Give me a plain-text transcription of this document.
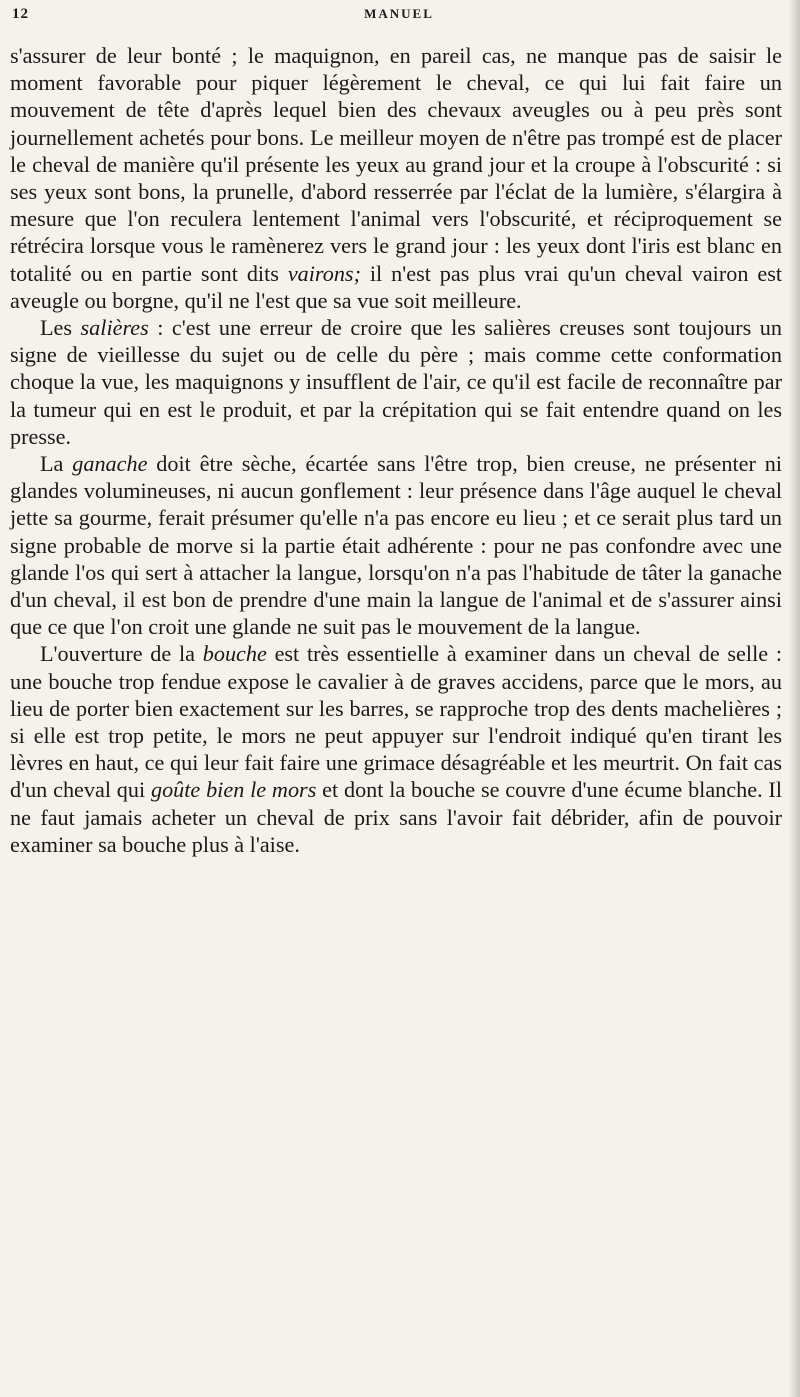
12	MANUEL

s'assurer de leur bonté ; le maquignon, en pareil cas, ne manque pas de saisir le moment favorable pour piquer légèrement le cheval, ce qui lui fait faire un mouvement de tête d'après lequel bien des chevaux aveugles ou à peu près sont journellement achetés pour bons. Le meilleur moyen de n'être pas trompé est de placer le cheval de manière qu'il présente les yeux au grand jour et la croupe à l'obscurité : si ses yeux sont bons, la prunelle, d'abord resserrée par l'éclat de la lumière, s'élargira à mesure que l'on reculera lentement l'animal vers l'obscurité, et réciproquement se rétrécira lorsque vous le ramènerez vers le grand jour : les yeux dont l'iris est blanc en totalité ou en partie sont dits vairons; il n'est pas plus vrai qu'un cheval vairon est aveugle ou borgne, qu'il ne l'est que sa vue soit meilleure.

Les salières : c'est une erreur de croire que les salières creuses sont toujours un signe de vieillesse du sujet ou de celle du père ; mais comme cette conformation choque la vue, les maquignons y insufflent de l'air, ce qu'il est facile de reconnaître par la tumeur qui en est le produit, et par la crépitation qui se fait entendre quand on les presse.

La ganache doit être sèche, écartée sans l'être trop, bien creuse, ne présenter ni glandes volumineuses, ni aucun gonflement : leur présence dans l'âge auquel le cheval jette sa gourme, ferait présumer qu'elle n'a pas encore eu lieu ; et ce serait plus tard un signe probable de morve si la partie était adhérente : pour ne pas confondre avec une glande l'os qui sert à attacher la langue, lorsqu'on n'a pas l'habitude de tâter la ganache d'un cheval, il est bon de prendre d'une main la langue de l'animal et de s'assurer ainsi que ce que l'on croit une glande ne suit pas le mouvement de la langue.

L'ouverture de la bouche est très essentielle à examiner dans un cheval de selle : une bouche trop fendue expose le cavalier à de graves accidens, parce que le mors, au lieu de porter bien exactement sur les barres, se rapproche trop des dents machelières ; si elle est trop petite, le mors ne peut appuyer sur l'endroit indiqué qu'en tirant les lèvres en haut, ce qui leur fait faire une grimace désagréable et les meurtrit. On fait cas d'un cheval qui goûte bien le mors et dont la bouche se couvre d'une écume blanche. Il ne faut jamais acheter un cheval de prix sans l'avoir fait débrider, afin de pouvoir examiner sa bouche plus à l'aise.
